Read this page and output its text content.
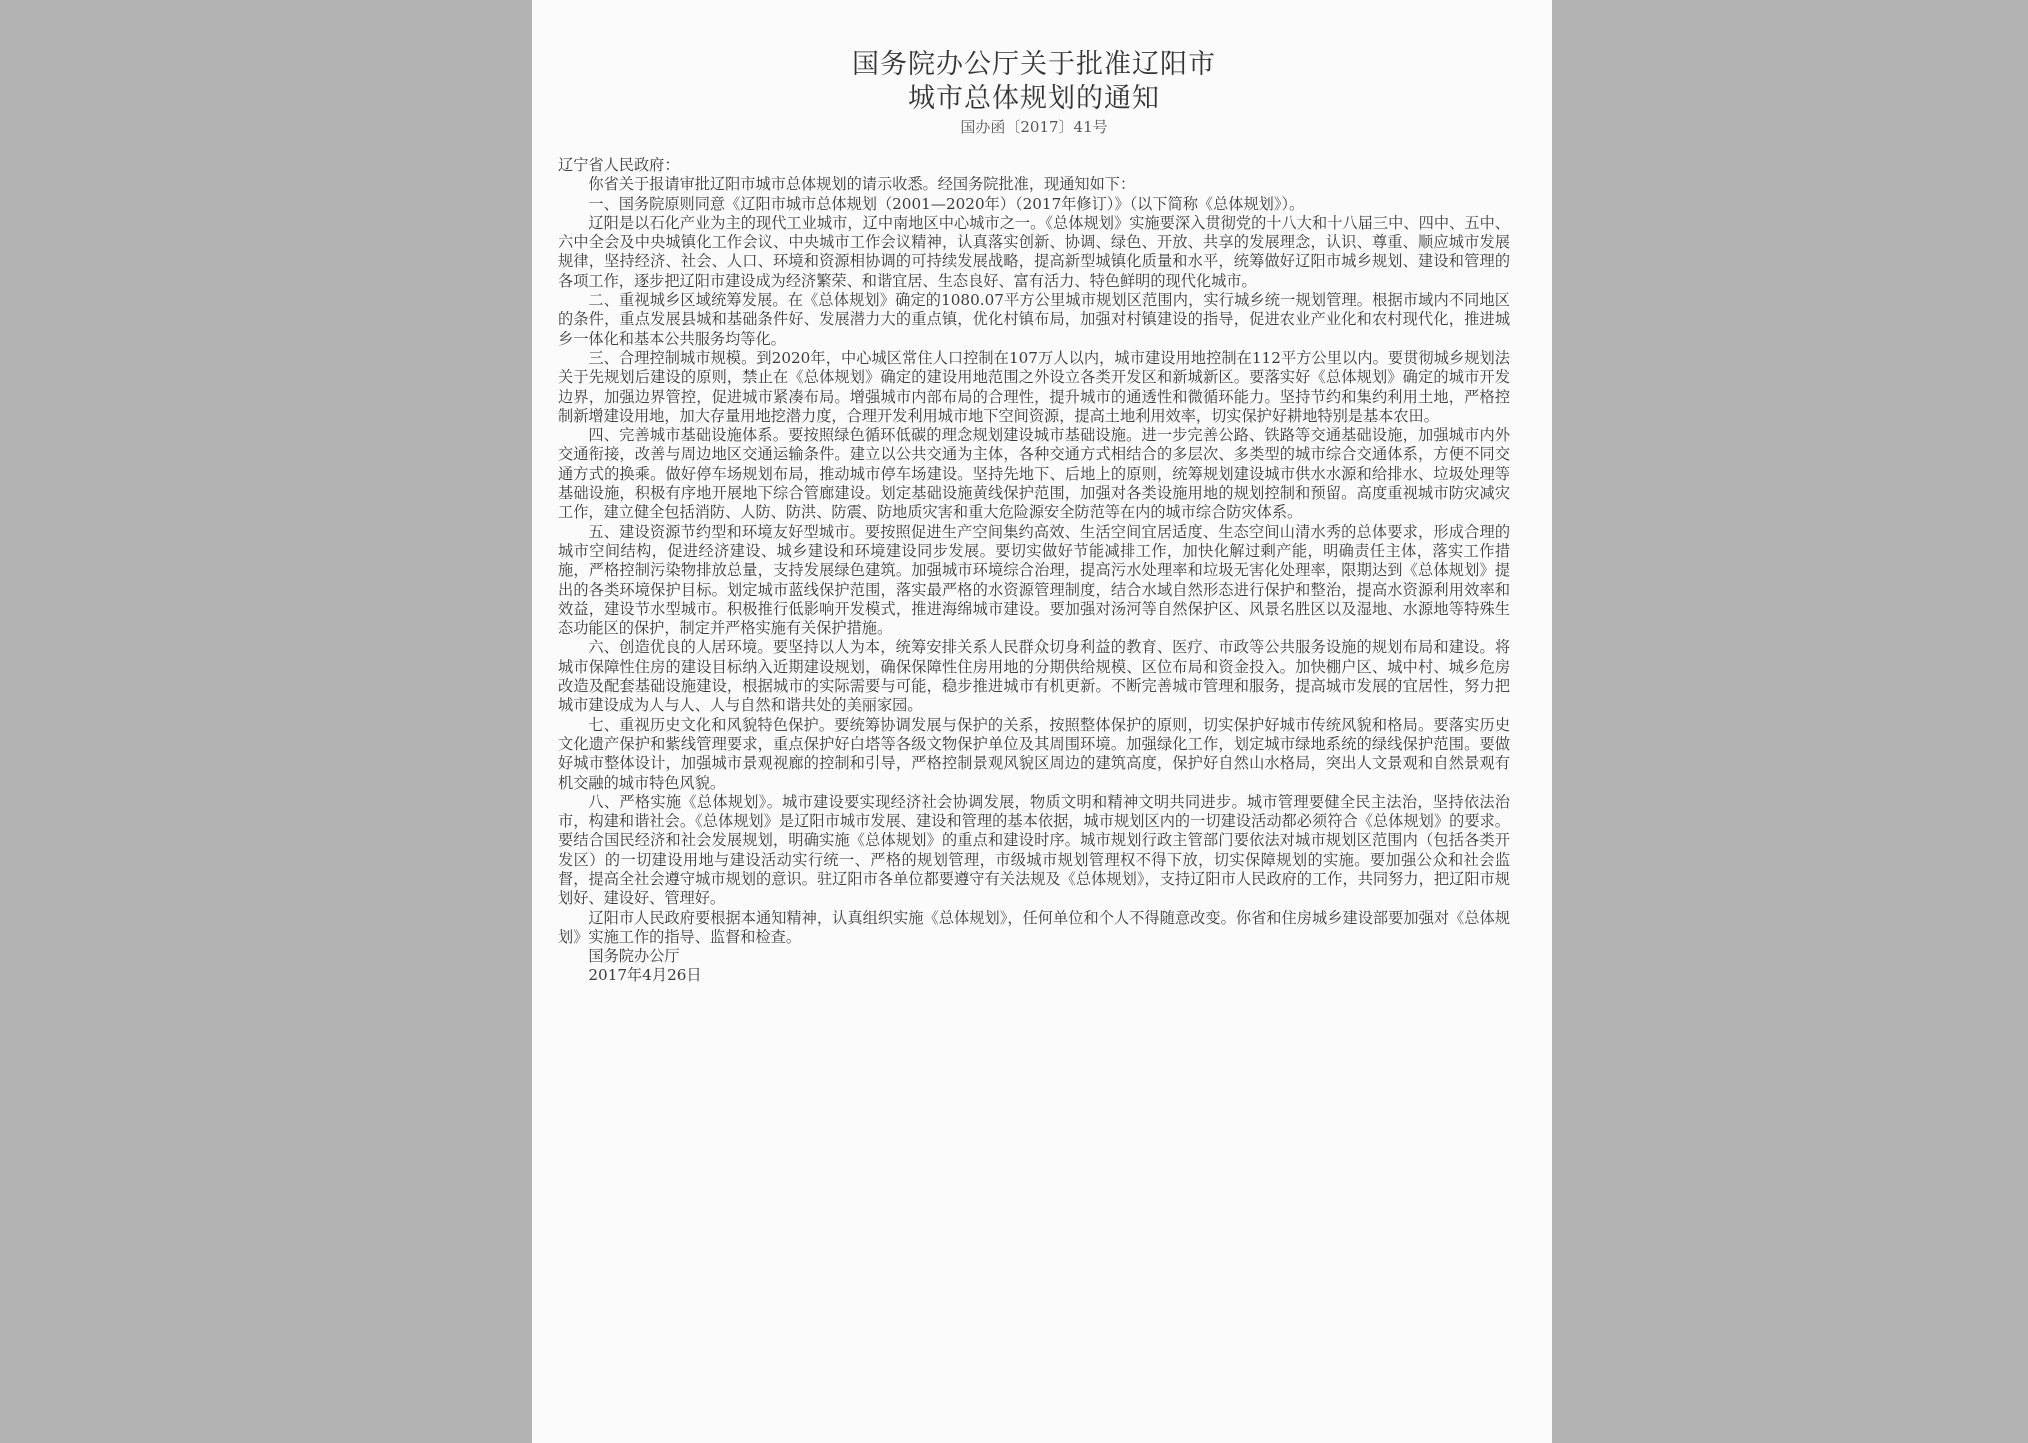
国务院办公厅关于批准辽阳市
城市总体规划的通知
国办函〔2017〕41号

辽宁省人民政府：

你省关于报请审批辽阳市城市总体规划的请示收悉。经国务院批准，现通知如下：

一、国务院原则同意《辽阳市城市总体规划（2001—2020年）（2017年修订）》（以下简称《总体规划》）。

辽阳是以石化产业为主的现代工业城市，辽中南地区中心城市之一。《总体规划》实施要深入贯彻党的十八大和十八届三中、四中、五中、六中全会及中央城镇化工作会议、中央城市工作会议精神，认真落实创新、协调、绿色、开放、共享的发展理念，认识、尊重、顺应城市发展规律，坚持经济、社会、人口、环境和资源相协调的可持续发展战略，提高新型城镇化质量和水平，统筹做好辽阳市城乡规划、建设和管理的各项工作，逐步把辽阳市建设成为经济繁荣、和谐宜居、生态良好、富有活力、特色鲜明的现代化城市。

二、重视城乡区域统筹发展。在《总体规划》确定的1080.07平方公里城市规划区范围内，实行城乡统一规划管理。根据市域内不同地区的条件，重点发展县城和基础条件好、发展潜力大的重点镇，优化村镇布局，加强对村镇建设的指导，促进农业产业化和农村现代化，推进城乡一体化和基本公共服务均等化。

三、合理控制城市规模。到2020年，中心城区常住人口控制在107万人以内，城市建设用地控制在112平方公里以内。要贯彻城乡规划法关于先规划后建设的原则，禁止在《总体规划》确定的建设用地范围之外设立各类开发区和新城新区。要落实好《总体规划》确定的城市开发边界，加强边界管控，促进城市紧凑布局。增强城市内部布局的合理性，提升城市的通透性和微循环能力。坚持节约和集约利用土地，严格控制新增建设用地，加大存量用地挖潜力度，合理开发利用城市地下空间资源，提高土地利用效率，切实保护好耕地特别是基本农田。

四、完善城市基础设施体系。要按照绿色循环低碳的理念规划建设城市基础设施。进一步完善公路、铁路等交通基础设施，加强城市内外交通衔接，改善与周边地区交通运输条件。建立以公共交通为主体，各种交通方式相结合的多层次、多类型的城市综合交通体系，方便不同交通方式的换乘。做好停车场规划布局，推动城市停车场建设。坚持先地下、后地上的原则，统筹规划建设城市供水水源和给排水、垃圾处理等基础设施，积极有序地开展地下综合管廊建设。划定基础设施黄线保护范围，加强对各类设施用地的规划控制和预留。高度重视城市防灾减灾工作，建立健全包括消防、人防、防洪、防震、防地质灾害和重大危险源安全防范等在内的城市综合防灾体系。

五、建设资源节约型和环境友好型城市。要按照促进生产空间集约高效、生活空间宜居适度、生态空间山清水秀的总体要求，形成合理的城市空间结构，促进经济建设、城乡建设和环境建设同步发展。要切实做好节能减排工作，加快化解过剩产能，明确责任主体，落实工作措施，严格控制污染物排放总量，支持发展绿色建筑。加强城市环境综合治理，提高污水处理率和垃圾无害化处理率，限期达到《总体规划》提出的各类环境保护目标。划定城市蓝线保护范围，落实最严格的水资源管理制度，结合水域自然形态进行保护和整治，提高水资源利用效率和效益，建设节水型城市。积极推行低影响开发模式，推进海绵城市建设。要加强对汤河等自然保护区、风景名胜区以及湿地、水源地等特殊生态功能区的保护，制定并严格实施有关保护措施。

六、创造优良的人居环境。要坚持以人为本，统筹安排关系人民群众切身利益的教育、医疗、市政等公共服务设施的规划布局和建设。将城市保障性住房的建设目标纳入近期建设规划，确保保障性住房用地的分期供给规模、区位布局和资金投入。加快棚户区、城中村、城乡危房改造及配套基础设施建设，根据城市的实际需要与可能，稳步推进城市有机更新。不断完善城市管理和服务，提高城市发展的宜居性，努力把城市建设成为人与人、人与自然和谐共处的美丽家园。

七、重视历史文化和风貌特色保护。要统筹协调发展与保护的关系，按照整体保护的原则，切实保护好城市传统风貌和格局。要落实历史文化遗产保护和紫线管理要求，重点保护好白塔等各级文物保护单位及其周围环境。加强绿化工作，划定城市绿地系统的绿线保护范围。要做好城市整体设计，加强城市景观视廊的控制和引导，严格控制景观风貌区周边的建筑高度，保护好自然山水格局，突出人文景观和自然景观有机交融的城市特色风貌。

八、严格实施《总体规划》。城市建设要实现经济社会协调发展，物质文明和精神文明共同进步。城市管理要健全民主法治，坚持依法治市，构建和谐社会。《总体规划》是辽阳市城市发展、建设和管理的基本依据，城市规划区内的一切建设活动都必须符合《总体规划》的要求。要结合国民经济和社会发展规划，明确实施《总体规划》的重点和建设时序。城市规划行政主管部门要依法对城市规划区范围内（包括各类开发区）的一切建设用地与建设活动实行统一、严格的规划管理，市级城市规划管理权不得下放，切实保障规划的实施。要加强公众和社会监督，提高全社会遵守城市规划的意识。驻辽阳市各单位都要遵守有关法规及《总体规划》，支持辽阳市人民政府的工作，共同努力，把辽阳市规划好、建设好、管理好。

辽阳市人民政府要根据本通知精神，认真组织实施《总体规划》，任何单位和个人不得随意改变。你省和住房城乡建设部要加强对《总体规划》实施工作的指导、监督和检查。

国务院办公厅
2017年4月26日
